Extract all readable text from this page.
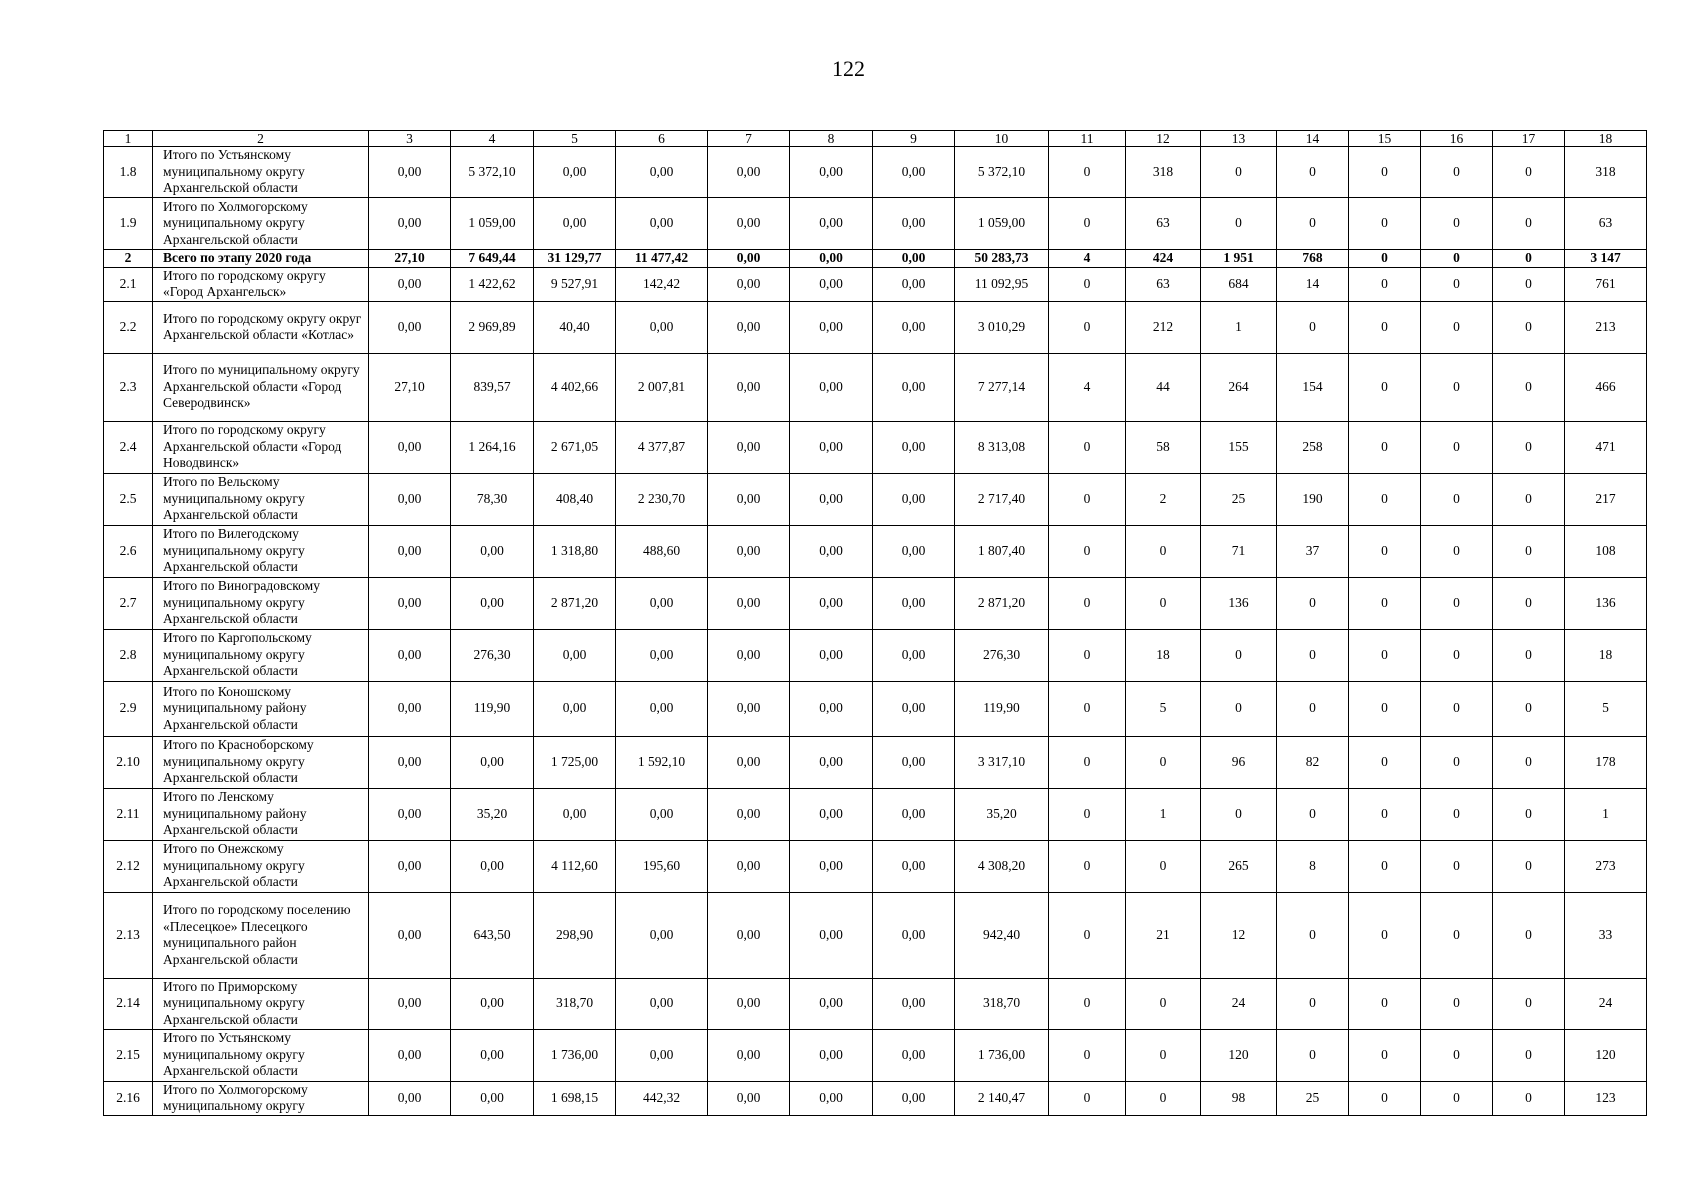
122
1	2	3	4	5	6	7	8	9	10	11	12	13	14	15	16	17	18
1.8	Итого по Устьянскому муниципальному округу Архангельской области	0,00	5 372,10	0,00	0,00	0,00	0,00	0,00	5 372,10	0	318	0	0	0	0	0	318
1.9	Итого по Холмогорскому муниципальному округу Архангельской области	0,00	1 059,00	0,00	0,00	0,00	0,00	0,00	1 059,00	0	63	0	0	0	0	0	63
2	Всего по этапу 2020 года	27,10	7 649,44	31 129,77	11 477,42	0,00	0,00	0,00	50 283,73	4	424	1 951	768	0	0	0	3 147
2.1	Итого по городскому округу «Город Архангельск»	0,00	1 422,62	9 527,91	142,42	0,00	0,00	0,00	11 092,95	0	63	684	14	0	0	0	761
2.2	Итого по городскому округу округ Архангельской области «Котлас»	0,00	2 969,89	40,40	0,00	0,00	0,00	0,00	3 010,29	0	212	1	0	0	0	0	213
2.3	Итого по муниципальному округу Архангельской области «Город Северодвинск»	27,10	839,57	4 402,66	2 007,81	0,00	0,00	0,00	7 277,14	4	44	264	154	0	0	0	466
2.4	Итого по городскому округу Архангельской области «Город Новодвинск»	0,00	1 264,16	2 671,05	4 377,87	0,00	0,00	0,00	8 313,08	0	58	155	258	0	0	0	471
2.5	Итого по Вельскому муниципальному округу Архангельской области	0,00	78,30	408,40	2 230,70	0,00	0,00	0,00	2 717,40	0	2	25	190	0	0	0	217
2.6	Итого по Вилегодскому муниципальному округу Архангельской области	0,00	0,00	1 318,80	488,60	0,00	0,00	0,00	1 807,40	0	0	71	37	0	0	0	108
2.7	Итого по Виноградовскому муниципальному округу Архангельской области	0,00	0,00	2 871,20	0,00	0,00	0,00	0,00	2 871,20	0	0	136	0	0	0	0	136
2.8	Итого по Каргопольскому муниципальному округу Архангельской области	0,00	276,30	0,00	0,00	0,00	0,00	0,00	276,30	0	18	0	0	0	0	0	18
2.9	Итого по Коношскому муниципальному району Архангельской области	0,00	119,90	0,00	0,00	0,00	0,00	0,00	119,90	0	5	0	0	0	0	0	5
2.10	Итого по Красноборскому муниципальному округу Архангельской области	0,00	0,00	1 725,00	1 592,10	0,00	0,00	0,00	3 317,10	0	0	96	82	0	0	0	178
2.11	Итого по Ленскому муниципальному району Архангельской области	0,00	35,20	0,00	0,00	0,00	0,00	0,00	35,20	0	1	0	0	0	0	0	1
2.12	Итого по Онежскому муниципальному округу Архангельской области	0,00	0,00	4 112,60	195,60	0,00	0,00	0,00	4 308,20	0	0	265	8	0	0	0	273
2.13	Итого по городскому поселению «Плесецкое» Плесецкого муниципального район Архангельской области	0,00	643,50	298,90	0,00	0,00	0,00	0,00	942,40	0	21	12	0	0	0	0	33
2.14	Итого по Приморскому муниципальному округу Архангельской области	0,00	0,00	318,70	0,00	0,00	0,00	0,00	318,70	0	0	24	0	0	0	0	24
2.15	Итого по Устьянскому муниципальному округу Архангельской области	0,00	0,00	1 736,00	0,00	0,00	0,00	0,00	1 736,00	0	0	120	0	0	0	0	120
2.16	Итого по Холмогорскому муниципальному округу	0,00	0,00	1 698,15	442,32	0,00	0,00	0,00	2 140,47	0	0	98	25	0	0	0	123
